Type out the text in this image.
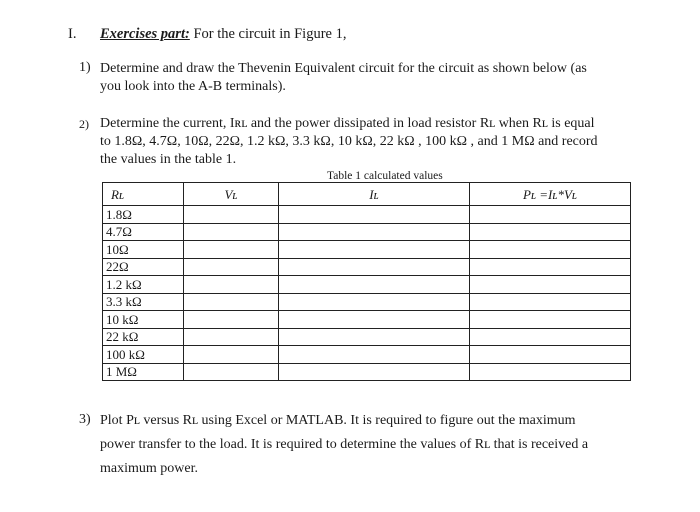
I. Exercises part: For the circuit in Figure 1,
1) Determine and draw the Thevenin Equivalent circuit for the circuit as shown below (as
you look into the A-B terminals).
2) Determine the current, Iʀʟ and the power dissipated in load resistor Rʟ when Rʟ is equal
to 1.8Ω, 4.7Ω, 10Ω, 22Ω, 1.2 kΩ, 3.3 kΩ, 10 kΩ, 22 kΩ , 100 kΩ , and 1 MΩ and record
the values in the table 1.
Table 1 calculated values
Rʟ	Vʟ	Iʟ	Pʟ =Iʟ*Vʟ
1.8Ω			
4.7Ω			
10Ω			
22Ω			
1.2 kΩ			
3.3 kΩ			
10 kΩ			
22 kΩ			
100 kΩ			
1 MΩ			
3) Plot Pʟ versus Rʟ using Excel or MATLAB. It is required to figure out the maximum
power transfer to the load. It is required to determine the values of Rʟ that is received a
maximum power.
